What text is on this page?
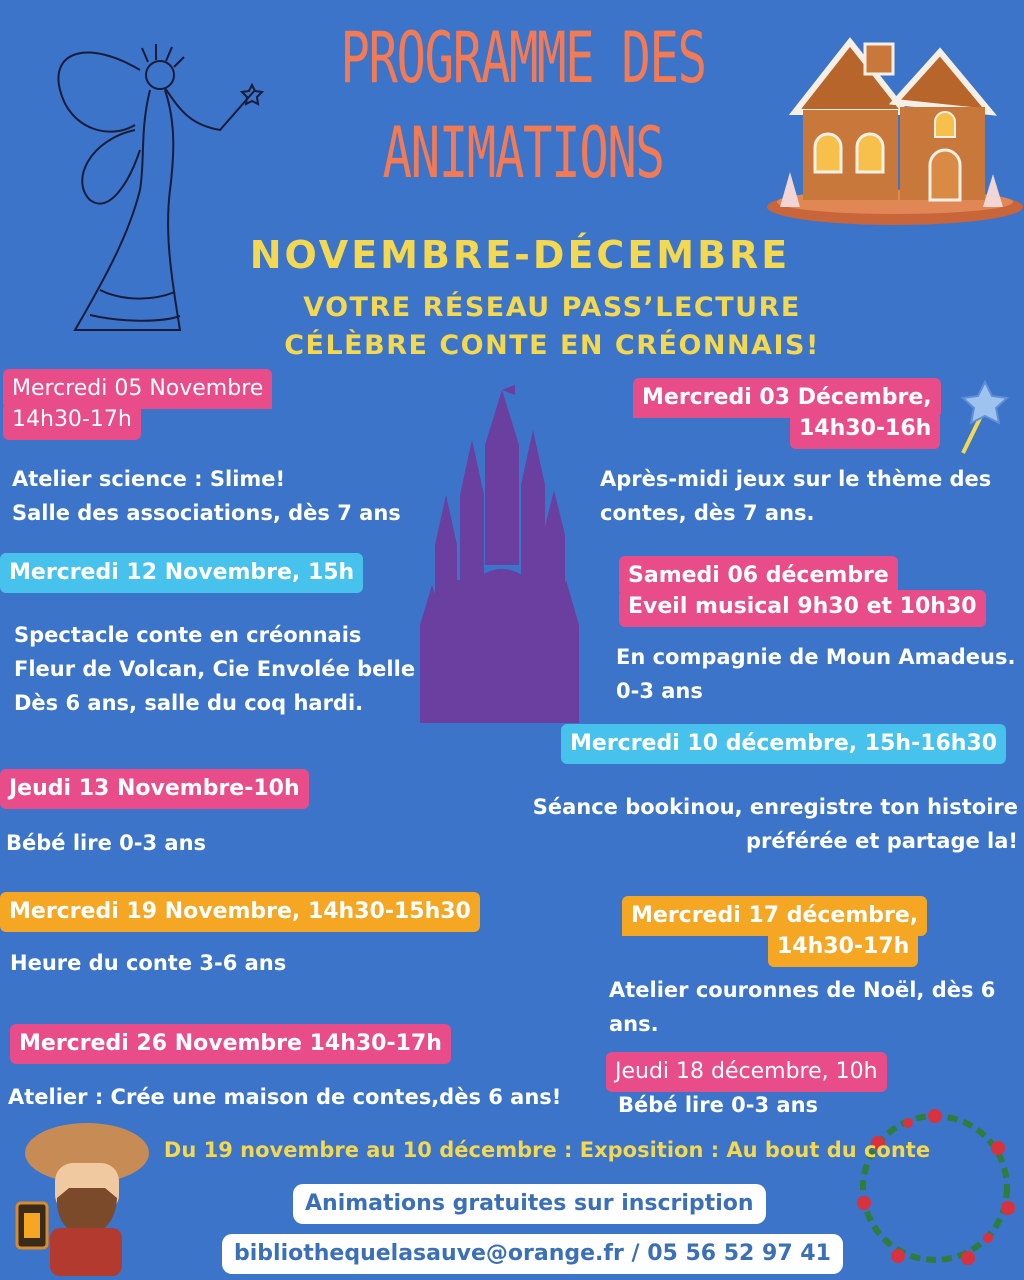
PROGRAMME DES
ANIMATIONS
NOVEMBRE-DÉCEMBRE
VOTRE RÉSEAU PASS’LECTURE
CÉLÈBRE CONTE EN CRÉONNAIS!
Mercredi 05 Novembre
14h30-17h
Atelier science : Slime!
Salle des associations, dès 7 ans
Mercredi 12 Novembre, 15h
Spectacle conte en créonnais
Fleur de Volcan, Cie Envolée belle
Dès 6 ans, salle du coq hardi.
Jeudi 13 Novembre-10h
Bébé lire 0-3 ans
Mercredi 19 Novembre, 14h30-15h30
Heure du conte 3-6 ans
Mercredi 26 Novembre 14h30-17h
Atelier : Crée une maison de contes,dès 6 ans!
Mercredi 03 Décembre,
14h30-16h
Après-midi jeux sur le thème des
contes, dès 7 ans.
Samedi 06 décembre
Eveil musical 9h30 et 10h30
En compagnie de Moun Amadeus.
0-3 ans
Mercredi 10 décembre, 15h-16h30
Séance bookinou, enregistre ton histoire
préférée et partage la!
Mercredi 17 décembre,
14h30-17h
Atelier couronnes de Noël, dès 6
ans.
Jeudi 18 décembre, 10h
Bébé lire 0-3 ans
Du 19 novembre au 10 décembre : Exposition : Au bout du conte
Animations gratuites sur inscription
bibliothequelasauve@orange.fr / 05 56 52 97 41
